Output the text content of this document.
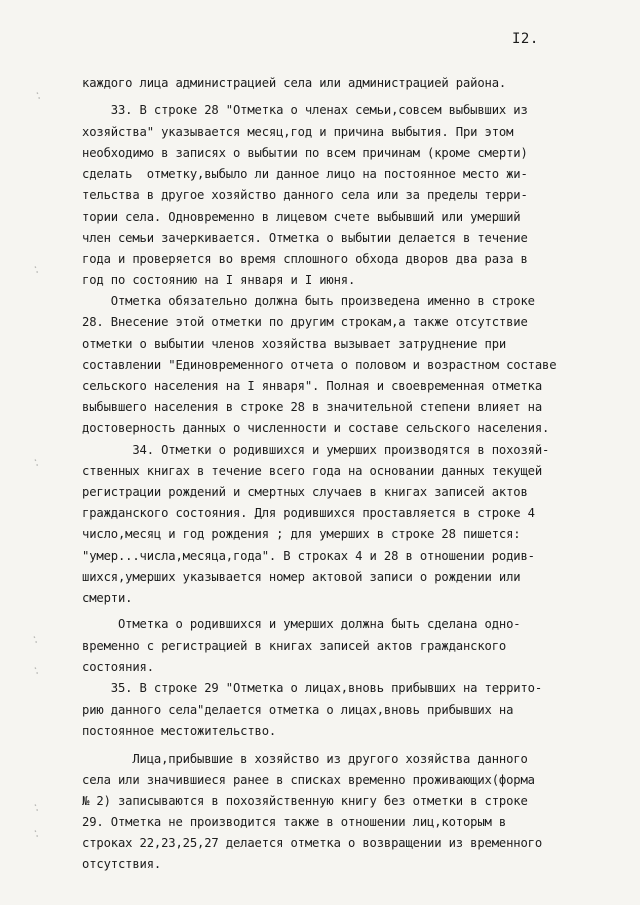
I2.
каждого лица администрацией села или администрацией района.
33. В строке 28 "Отметка о членах семьи,совсем выбывших из
хозяйства" указывается месяц,год и причина выбытия. При этом
необходимо в записях о выбытии по всем причинам (кроме смерти)
сделать  отметку,выбыло ли данное лицо на постоянное место жи-
тельства в другое хозяйство данного села или за пределы терри-
тории села. Одновременно в лицевом счете выбывший или умерший
член семьи зачеркивается. Отметка о выбытии делается в течение
года и проверяется во время сплошного обхода дворов два раза в
год по состоянию на I января и I июня.
Отметка обязательно должна быть произведена именно в строке
28. Внесение этой отметки по другим строкам,а также отсутствие
отметки о выбытии членов хозяйства вызывает затруднение при
составлении "Единовременного отчета о половом и возрастном составе
сельского населения на I января". Полная и своевременная отметка
выбывшего населения в строке 28 в значительной степени влияет на
достоверность данных о численности и составе сельского населения.
34. Отметки о родившихся и умерших производятся в похозяй-
ственных книгах в течение всего года на основании данных текущей
регистрации рождений и смертных случаев в книгах записей актов
гражданского состояния. Для родившихся проставляется в строке 4
число,месяц и год рождения ; для умерших в строке 28 пишется:
"умер...числа,месяца,года". В строках 4 и 28 в отношении родив-
шихся,умерших указывается номер актовой записи о рождении или
смерти.
Отметка о родившихся и умерших должна быть сделана одно-
временно с регистрацией в книгах записей актов гражданского
состояния.
35. В строке 29 "Отметка о лицах,вновь прибывших на террито-
рию данного села"делается отметка о лицах,вновь прибывших на
постоянное местожительство.
Лица,прибывшие в хозяйство из другого хозяйства данного
села или значившиеся ранее в списках временно проживающих(форма
№ 2) записываются в похозяйственную книгу без отметки в строке
29. Отметка не производится также в отношении лиц,которым в
строках 22,23,25,27 делается отметка о возвращении из временного
отсутствия.
:
:
:
:
:
:
:
